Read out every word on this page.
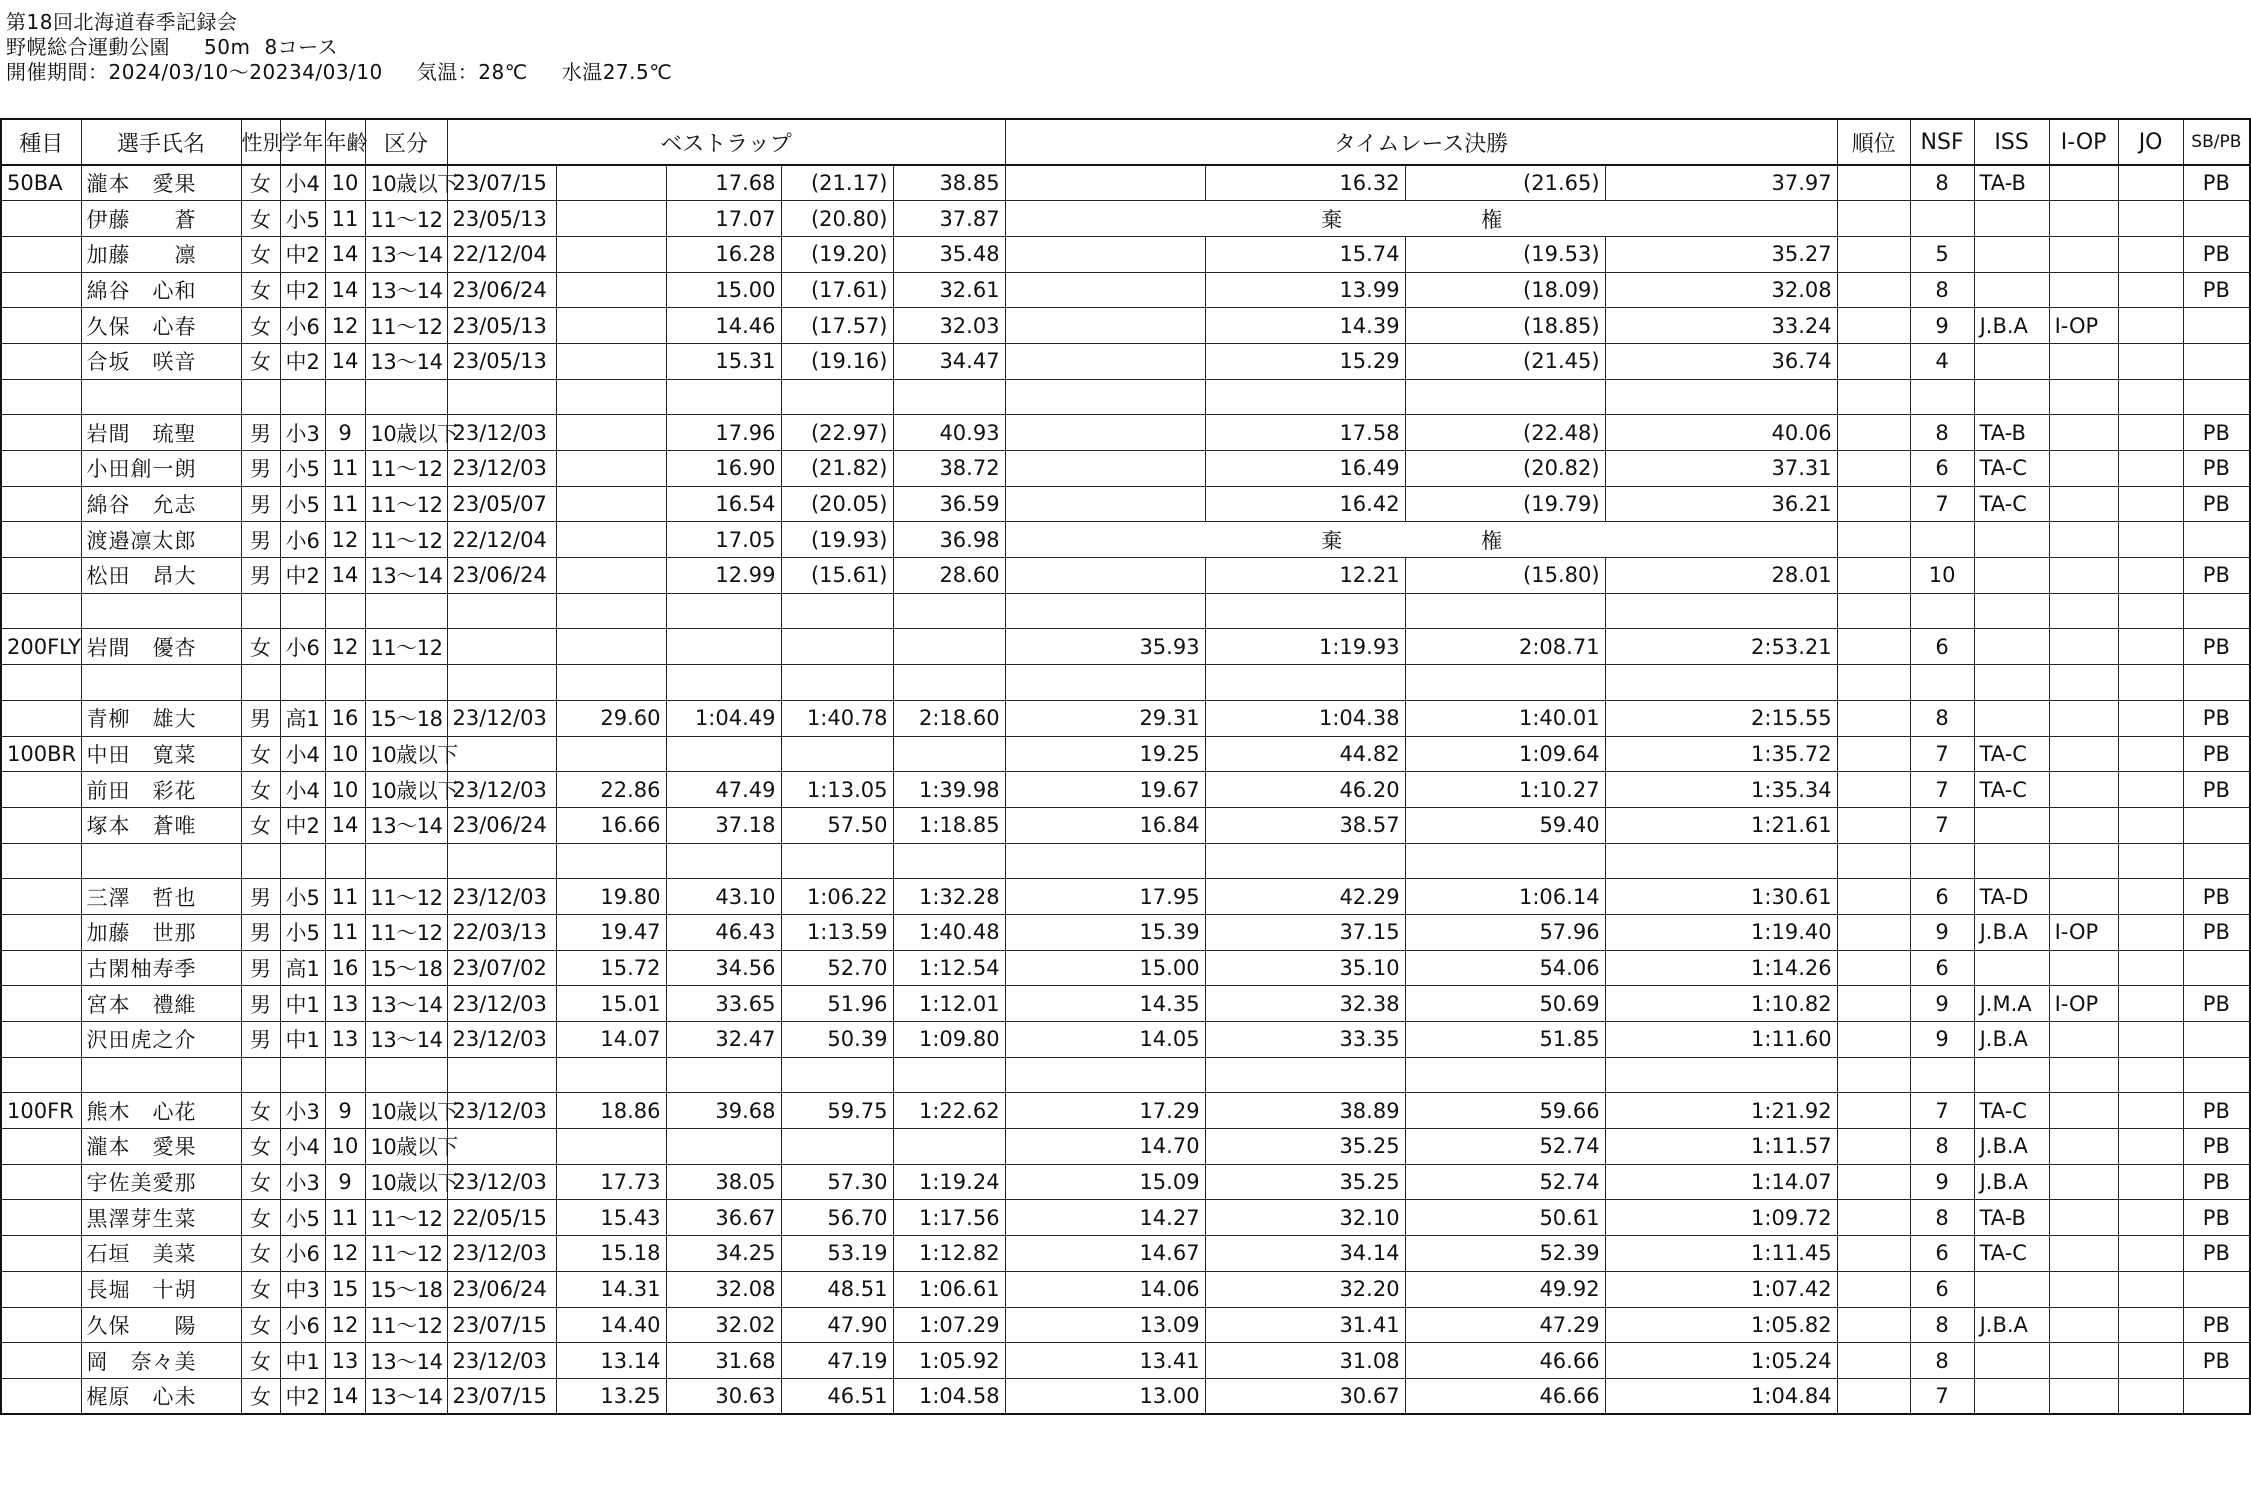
第18回北海道春季記録会
野幌総合運動公園 50m 8コース
開催期間：2024/03/10～20234/03/10 気温：28℃ 水温27.5℃
種目	選手氏名	性別	学年	年齢	区分	ベストラップ					タイムレース決勝				順位	NSF	ISS	I-OP	JO	SB/PB
50BA	瀧本　愛果	女	小4	10	10歳以下	23/07/15		17.68	(21.17)	38.85		16.32	(21.65)	37.97		8	TA-B			PB
	伊藤　　蒼	女	小5	11	11～12	23/05/13		17.07	(20.80)	37.87	棄 権									
	加藤　　凛	女	中2	14	13～14	22/12/04		16.28	(19.20)	35.48		15.74	(19.53)	35.27		5				PB
	綿谷　心和	女	中2	14	13～14	23/06/24		15.00	(17.61)	32.61		13.99	(18.09)	32.08		8				PB
	久保　心春	女	小6	12	11～12	23/05/13		14.46	(17.57)	32.03		14.39	(18.85)	33.24		9	J.B.A	I-OP		
	合坂　咲音	女	中2	14	13～14	23/05/13		15.31	(19.16)	34.47		15.29	(21.45)	36.74		4				

	岩間　琉聖	男	小3	9	10歳以下	23/12/03		17.96	(22.97)	40.93		17.58	(22.48)	40.06		8	TA-B			PB
	小田創一朗	男	小5	11	11～12	23/12/03		16.90	(21.82)	38.72		16.49	(20.82)	37.31		6	TA-C			PB
	綿谷　允志	男	小5	11	11～12	23/05/07		16.54	(20.05)	36.59		16.42	(19.79)	36.21		7	TA-C			PB
	渡邉凛太郎	男	小6	12	11～12	22/12/04		17.05	(19.93)	36.98	棄 権									
	松田　昂大	男	中2	14	13～14	23/06/24		12.99	(15.61)	28.60		12.21	(15.80)	28.01		10				PB

200FLY	岩間　優杏	女	小6	12	11～12						35.93	1:19.93	2:08.71	2:53.21		6				PB

	青柳　雄大	男	高1	16	15～18	23/12/03	29.60	1:04.49	1:40.78	2:18.60	29.31	1:04.38	1:40.01	2:15.55		8				PB
100BR	中田　寛菜	女	小4	10	10歳以下						19.25	44.82	1:09.64	1:35.72		7	TA-C			PB
	前田　彩花	女	小4	10	10歳以下	23/12/03	22.86	47.49	1:13.05	1:39.98	19.67	46.20	1:10.27	1:35.34		7	TA-C			PB
	塚本　蒼唯	女	中2	14	13～14	23/06/24	16.66	37.18	57.50	1:18.85	16.84	38.57	59.40	1:21.61		7				

	三澤　哲也	男	小5	11	11～12	23/12/03	19.80	43.10	1:06.22	1:32.28	17.95	42.29	1:06.14	1:30.61		6	TA-D			PB
	加藤　世那	男	小5	11	11～12	22/03/13	19.47	46.43	1:13.59	1:40.48	15.39	37.15	57.96	1:19.40		9	J.B.A	I-OP		PB
	古閑柚寿季	男	高1	16	15～18	23/07/02	15.72	34.56	52.70	1:12.54	15.00	35.10	54.06	1:14.26		6				
	宮本　禮維	男	中1	13	13～14	23/12/03	15.01	33.65	51.96	1:12.01	14.35	32.38	50.69	1:10.82		9	J.M.A	I-OP		PB
	沢田虎之介	男	中1	13	13～14	23/12/03	14.07	32.47	50.39	1:09.80	14.05	33.35	51.85	1:11.60		9	J.B.A			

100FR	熊木　心花	女	小3	9	10歳以下	23/12/03	18.86	39.68	59.75	1:22.62	17.29	38.89	59.66	1:21.92		7	TA-C			PB
	瀧本　愛果	女	小4	10	10歳以下						14.70	35.25	52.74	1:11.57		8	J.B.A			PB
	宇佐美愛那	女	小3	9	10歳以下	23/12/03	17.73	38.05	57.30	1:19.24	15.09	35.25	52.74	1:14.07		9	J.B.A			PB
	黒澤芽生菜	女	小5	11	11～12	22/05/15	15.43	36.67	56.70	1:17.56	14.27	32.10	50.61	1:09.72		8	TA-B			PB
	石垣　美菜	女	小6	12	11～12	23/12/03	15.18	34.25	53.19	1:12.82	14.67	34.14	52.39	1:11.45		6	TA-C			PB
	長堀　十胡	女	中3	15	15～18	23/06/24	14.31	32.08	48.51	1:06.61	14.06	32.20	49.92	1:07.42		6				
	久保　　陽	女	小6	12	11～12	23/07/15	14.40	32.02	47.90	1:07.29	13.09	31.41	47.29	1:05.82		8	J.B.A			PB
	岡　奈々美	女	中1	13	13～14	23/12/03	13.14	31.68	47.19	1:05.92	13.41	31.08	46.66	1:05.24		8				PB
	梶原　心未	女	中2	14	13～14	23/07/15	13.25	30.63	46.51	1:04.58	13.00	30.67	46.66	1:04.84		7				
